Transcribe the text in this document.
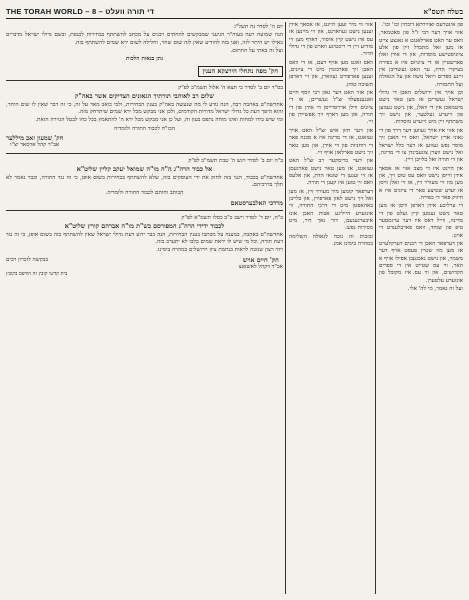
THE TORAH WORLD – 8 – די תורה וועלט	בשלח תשס"א

פון אינטרעס ואווירתא דוכתין וכו' וכו'.

אזוי אויך דער רבי ז"ל פון סאטמאר, וואס ער האט פארלאנגט א גאנצע צייט אז מען זאל מתבדל זיין פון אלע ציוניסטישע מוסדות, און די אידן זאלן פארשטיין אז די ציוניזם איז א כפירה בעיקרי הדת, ער האט געשריבן אין זיינע ספרים ויואל משה און על הגאולה ועל התמורה.

וכן אויך אין ירושלים האבן די גדולי ישראל געשריבן אז מען טאר נישט מיטמאכן אין די וואלן, און נישט נעמען פון זייערע געלטער, און נישט זיך משתתף זיין מיט זייערע מוסדות.

און אזוי איז אויך געווען דער דרך פון די גאוני ארץ ישראל, וואס זיי האבן זיך מוסר נפש געווען אז דער כלל ישראל זאל נישט ווערן צוגעבינדן צו די מדינה, און די תורה זאל בלייבן ריין.

און היינט איז די מצב אזוי אז אסאך אידן ווייסן נישט וואס עס טוט זיך, און מען מוז זיי מעורר זיין, אז זיי זאלן וויסן אז יעדע שטיצע פאר די ציונים איז א חיזוק פאר די כפירה.

די ערליכע אידן דארפן וויסן אז מען טאר נישט נעמען קיין געלט פון די מדינה, ווייל דאס איז דער ערגסטער טיפ פון שוחד, וואס פארבלענדט די אויגן.

און דערפאר האבן די רבנים דערקלערט אז מען מוז שטיין פעסט אויף דער משמר, און נישט נאכגעבן אפילו אויף א האר, ווי עס שטייט אין די ספרים הקדושים, און ווי עס איז מקובל פון אונזערע עלטערן.

ועל זה נאמר, מי לה' אלי.

אזוי ווי מיר זעען היינט, אז אסאך אידן זענען נישט געווארנט, און זיי מיינען אז עס איז נישט קיין איסור, דארף מען זיי מודיע זיין די ריכטיגע ווארט פון די גדולי הדור.

וואס זאגט מען אויף דעם, אז די וואס האבן זיך פארבונדן מיט די ציונים, זענען פארפירט געווארן, און זיי דארפן תשובה טוהן.

און אזוי האט דער גאון רבי יוסף חיים זאננענפעלד זצ"ל געשריבן, אז די ציונים ווילן ארויסרייסן די אידן פון די תורה, און מען דארף זיך אפשיידן פון זיי.

און דער חזון איש זצ"ל האט אויך געזאגט, אז די מדינה איז א סכנה פאר די רוחניות פון די אידן, און מען טאר זיך נישט פארלאזן אויף זיי.

און דער בריסקער רב זצ"ל האט געזאגט, אז מען טאר נישט פארגעסן אז זיי זענען די שונאי הדת, און אלעס וואס זיי טוען איז קעגן די תורה.

דערפאר קומען מיר מעורר זיין, אז מען זאל זיך נישט לאזן פארפירן, און בלייבן באהאפטן מיט די דרכי התורה, ווי אונזערע הייליגע אבות האבן אונז איבערגעגעבן, דור נאך דור, מיט מסירות נפש.

ובזכות זה נזכה לגאולה השלימה במהרה בימינו אמן.

יום ה' לסדר נח תשל"ג

הנה שמועה רעה בעוה"ר הגיעני שמבקשים להחתים רבנים על מכתב להשתתף בבחירות לכנסת, ובשם גדולי ישראל מדברים כאילו יש היתר לזה, ואני בזה להודיע שאין לזה שום שחר, וחלילה לשום ירא שמים להשתתף בזה.

ועל זה באתי על החתום.

נתן בנאות הלכות
חק' מפה נתחלי הירצקא הענין
בס"ד יום ב' לסדר כי תצא ה' אלול תשמ"ב לפ"ק
שלום רב לאוהבי תורתיך הגאונים הצדיקים אשר באה"ק

אחדשה"ט באהבה רבה, הנה נודע לי מה שנעשה באה"ק בענין הבחירות, ולבי כואב מאד על זה, כי זה דבר שאין לו שום היתר, והוא היפך דעת כל גדולי ישראל מדורות הקודמים, ולכן אני מבקש מכל ירא שמים שיתרחק מזה.

ומי שיש בידו למחות ואינו מוחה נתפס בעון זה, ועל כן אני מבקש מכל ירא ה' להתאמץ בכל כחו לבטל הגזירה הזאת.

הכו"ח לכבוד התורה ולומדיה
חק' שמעון זאב מיללער
אב"ד קהל ארסאד יצ"ו
ב"ה יום ב' לסדר ויגש ה' טבת תשמ"ב לפ"ק
אל כבוד הרה"ג ה"ה מו"ה שמואל יעקב קליין שליט"א

אחדשה"ט בכבוד, הנני בזה לחזק את ידי העוסקים בזה, שלא להשתתף בבחירות בשום אופן, כי זה נגד התורה, וכבר נאמר לא תלך בדרכיהם.

הכותב וחותם לכבוד התורה ולומדיה.

מרדכי האלבערסטאם
ב"ה, יום ד' לסדר וישב כ"ב כסלו תשמ"א לפ"ק
לכבוד ידידי הרה"ג המפורסם כש"ת מו"ה אברהם קורץ שליט"א

אחדשה"ט באהבה, במענה על מכתבו בענין הבחירות, הנה כבר ידוע דעת גדולי ישראל שאין להשתתף בזה בשום אופן, כי זה נגד דעת תורה, וכל מי שיש לו יראת שמים בלבו לא יתערב בזה.

ויהי רצון שנזכה לראות בנחמת ציון וירושלים במהרה בימינו.

הק' חיים אויש
אב"ד דקהל לאשאנצ
בבקשה לזכרון רבים
בית קדשי קובץ זה הודפס בקובץ
